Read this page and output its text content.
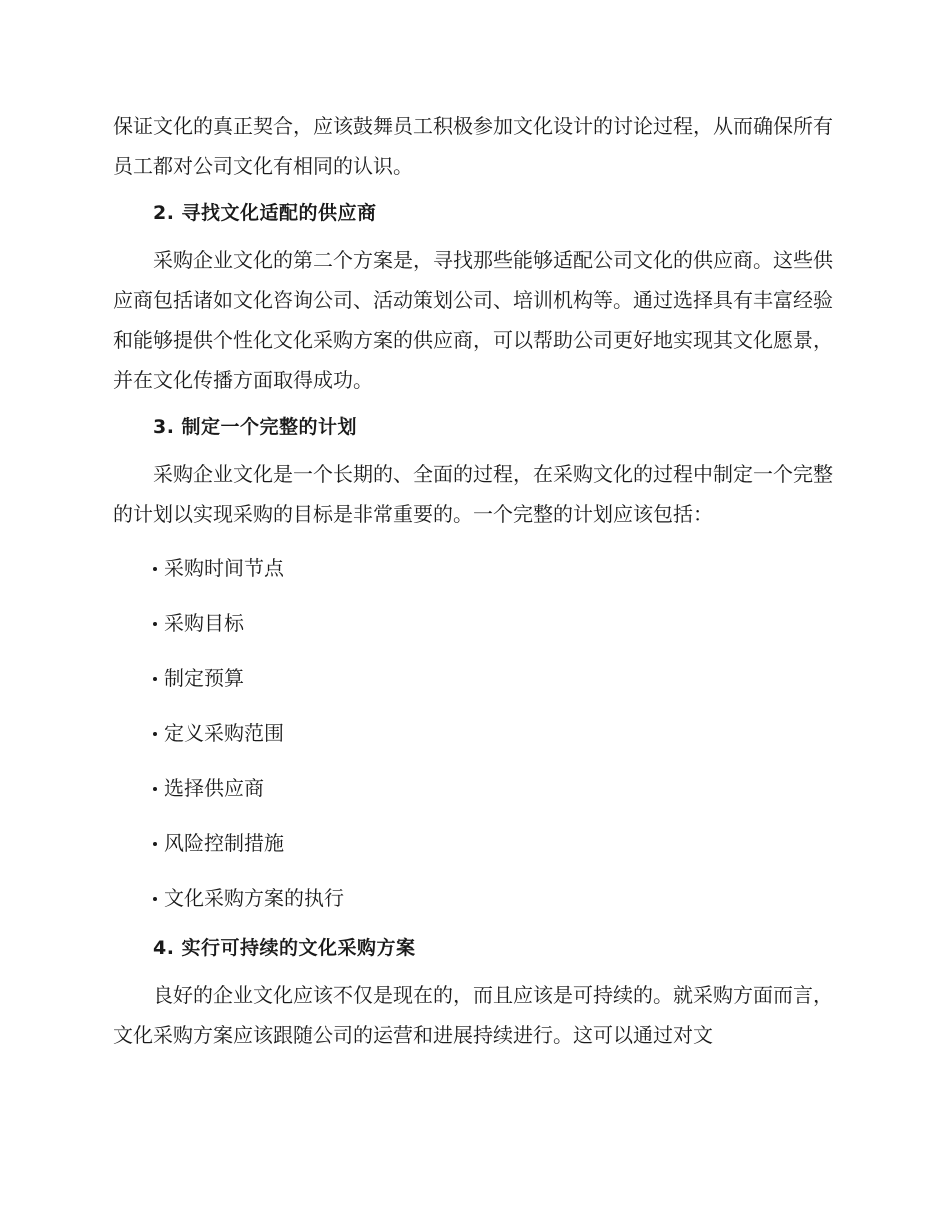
保证文化的真正契合，应该鼓舞员工积极参加文化设计的讨论过程，从而确保所有员工都对公司文化有相同的认识。

2. 寻找文化适配的供应商

采购企业文化的第二个方案是，寻找那些能够适配公司文化的供应商。这些供应商包括诸如文化咨询公司、活动策划公司、培训机构等。通过选择具有丰富经验和能够提供个性化文化采购方案的供应商，可以帮助公司更好地实现其文化愿景，并在文化传播方面取得成功。

3. 制定一个完整的计划

采购企业文化是一个长期的、全面的过程，在采购文化的过程中制定一个完整的计划以实现采购的目标是非常重要的。一个完整的计划应该包括：

采购时间节点
采购目标
制定预算
定义采购范围
选择供应商
风险控制措施
文化采购方案的执行
4. 实行可持续的文化采购方案

良好的企业文化应该不仅是现在的，而且应该是可持续的。就采购方面而言，文化采购方案应该跟随公司的运营和进展持续进行。这可以通过对文
